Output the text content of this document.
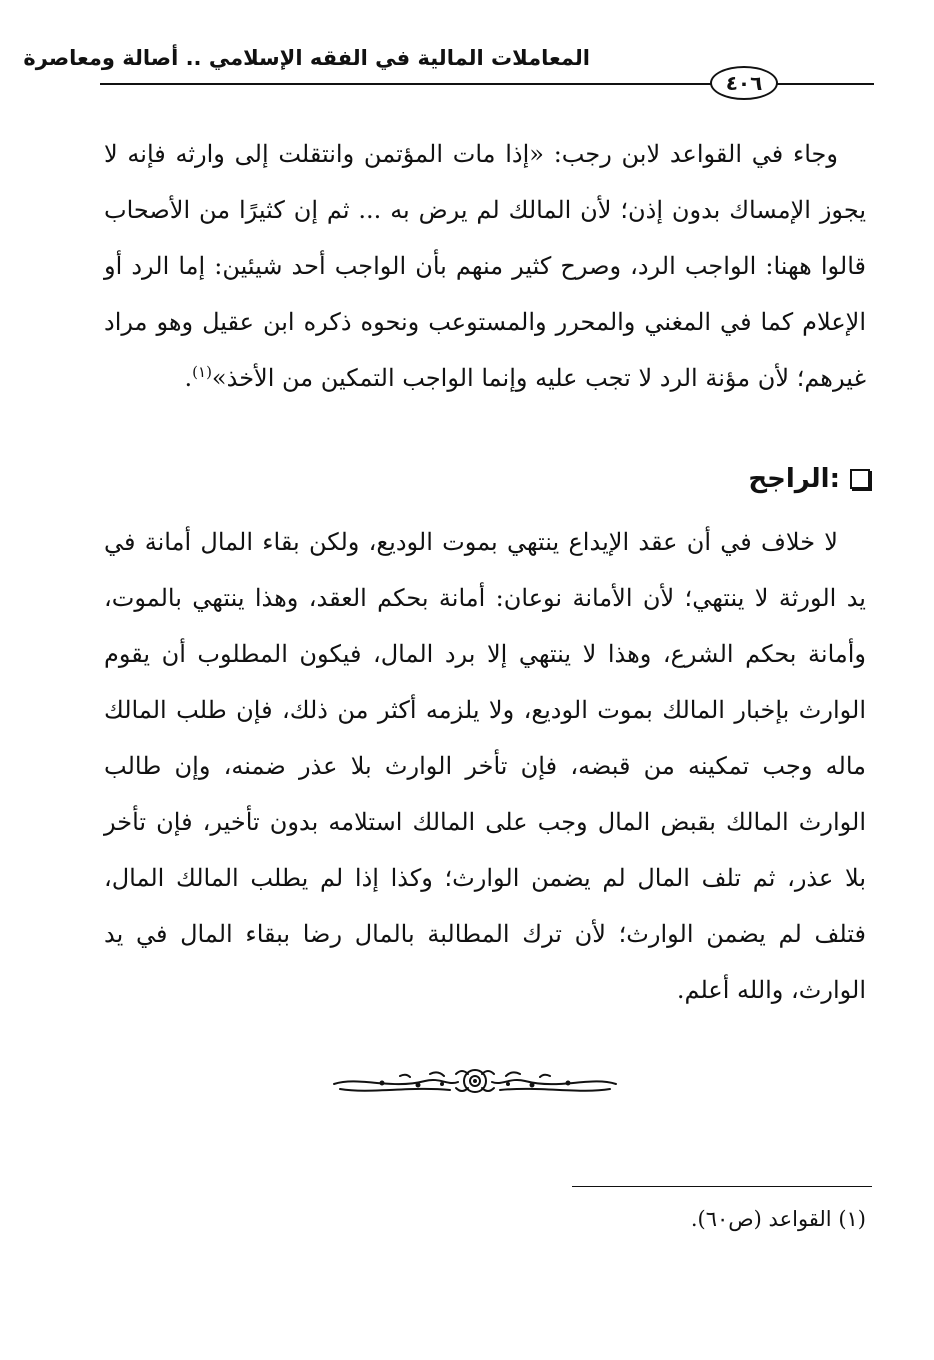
المعاملات المالية في الفقه الإسلامي .. أصالة ومعاصرة
٤٠٦

وجاء في القواعد لابن رجب: «إذا مات المؤتمن وانتقلت إلى وارثه فإنه لا يجوز الإمساك بدون إذن؛ لأن المالك لم يرض به ... ثم إن كثيرًا من الأصحاب قالوا ههنا: الواجب الرد، وصرح كثير منهم بأن الواجب أحد شيئين: إما الرد أو الإعلام كما في المغني والمحرر والمستوعب ونحوه ذكره ابن عقيل وهو مراد غيرهم؛ لأن مؤنة الرد لا تجب عليه وإنما الواجب التمكين من الأخذ»$^{(١)}$.

الراجح:

لا خلاف في أن عقد الإيداع ينتهي بموت الوديع، ولكن بقاء المال أمانة في يد الورثة لا ينتهي؛ لأن الأمانة نوعان: أمانة بحكم العقد، وهذا ينتهي بالموت، وأمانة بحكم الشرع، وهذا لا ينتهي إلا برد المال، فيكون المطلوب أن يقوم الوارث بإخبار المالك بموت الوديع، ولا يلزمه أكثر من ذلك، فإن طلب المالك ماله وجب تمكينه من قبضه، فإن تأخر الوارث بلا عذر ضمنه، وإن طالب الوارث المالك بقبض المال وجب على المالك استلامه بدون تأخير، فإن تأخر بلا عذر، ثم تلف المال لم يضمن الوارث؛ وكذا إذا لم يطلب المالك المال، فتلف لم يضمن الوارث؛ لأن ترك المطالبة بالمال رضا ببقاء المال في يد الوارث، والله أعلم.

(١) القواعد (ص٦٠).
